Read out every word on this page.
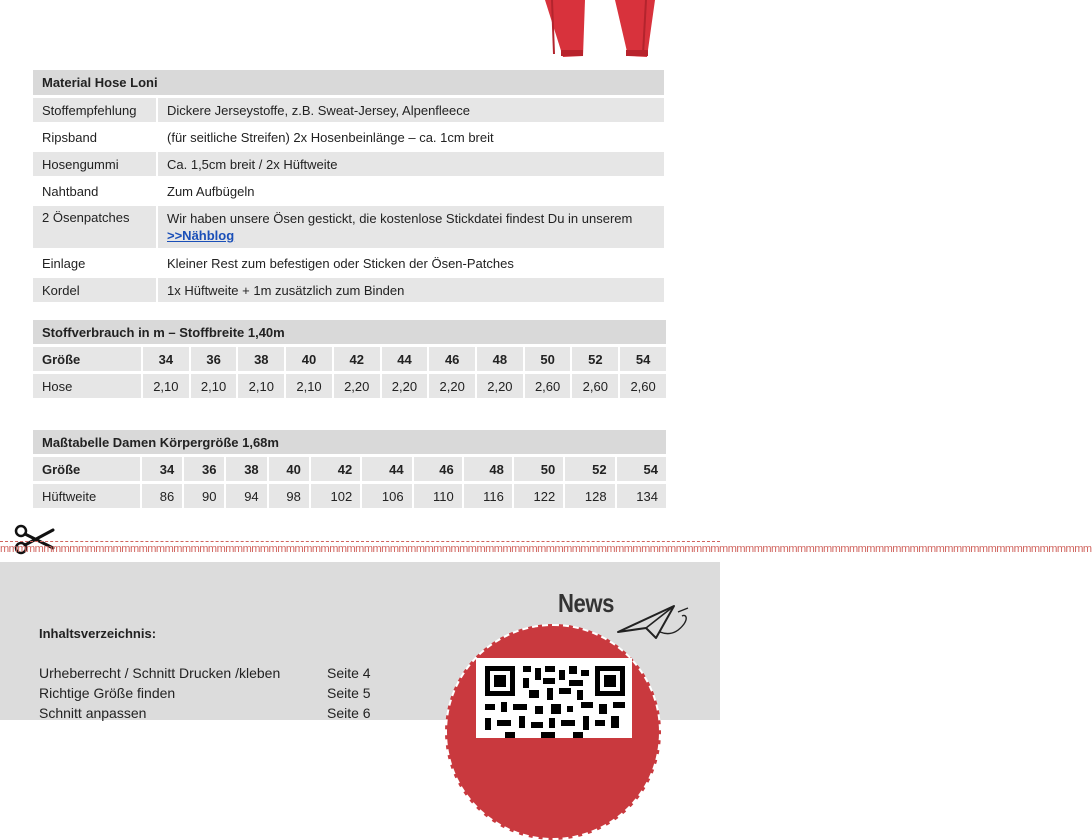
Material Hose Loni	
Stoffempfehlung	Dickere Jerseystoffe, z.B. Sweat-Jersey, Alpenfleece
Ripsband	(für seitliche Streifen) 2x Hosenbeinlänge – ca. 1cm breit
Hosengummi	Ca. 1,5cm breit / 2x Hüftweite
Nahtband	Zum Aufbügeln
2 Ösenpatches	Wir haben unsere Ösen gestickt, die kostenlose Stickdatei findest Du in unserem
>>Nähblog
Einlage	Kleiner Rest zum befestigen oder Sticken der Ösen-Patches
Kordel	1x Hüftweite + 1m zusätzlich zum Binden
Stoffverbrauch in m – Stoffbreite 1,40m											
Größe	34	36	38	40	42	44	46	48	50	52	54
Hose	2,10	2,10	2,10	2,10	2,20	2,20	2,20	2,20	2,60	2,60	2,60
Maßtabelle Damen Körpergröße 1,68m											
Größe	34	36	38	40	42	44	46	48	50	52	54
Hüftweite	86	90	94	98	102	106	110	116	122	128	134
mmmmmmmmmmmmmmmmmmmmmmmmmmmmmmmmmmmmmmmmmmmmmmmmmmmmmmmmmmmmmmmmmmmmmmmmmmmmmmmmmmmmmmmmmmmmmmmmmmmmmmmmmmmmmmmmmmmmmmmmmmmmmm
Inhaltsverzeichnis:
Urheberrecht / Schnitt Drucken /kleben	Seite 4
Richtige Größe finden	Seite 5
Schnitt anpassen	Seite 6
News
